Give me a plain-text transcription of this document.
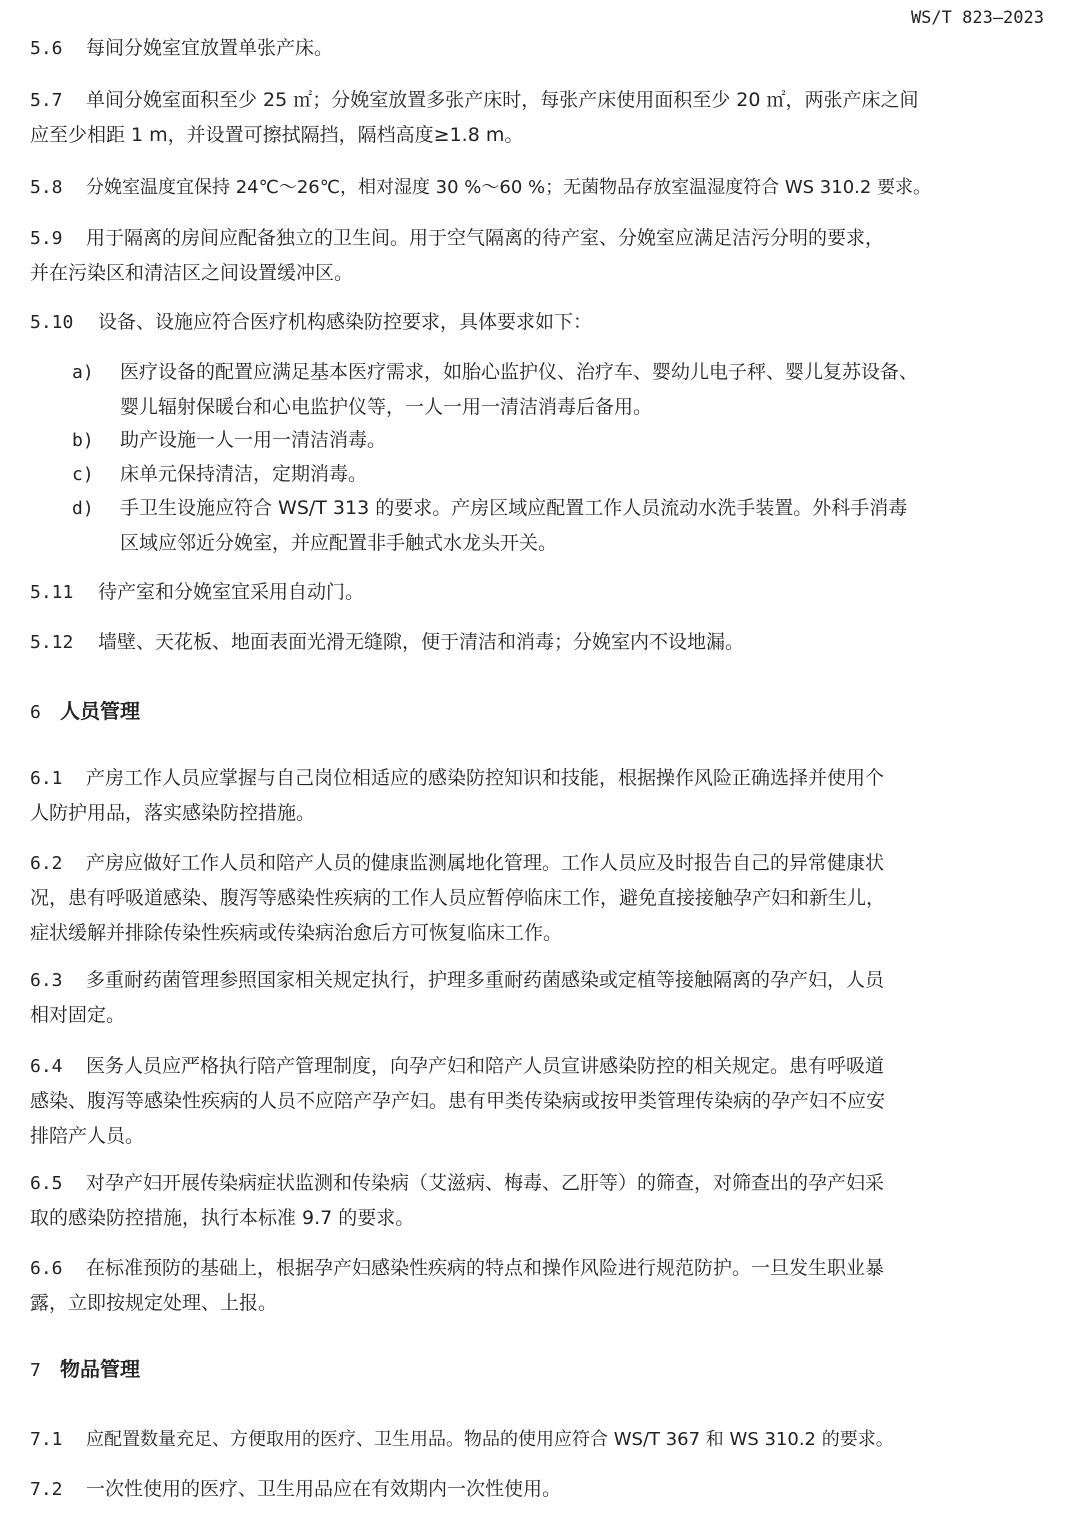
WS/T 823—2023
5.6 每间分娩室宜放置单张产床。
5.7 单间分娩室面积至少 25 ㎡；分娩室放置多张产床时，每张产床使用面积至少 20 ㎡，两张产床之间
应至少相距 1 m，并设置可擦拭隔挡，隔档高度≥1.8 m。
5.8 分娩室温度宜保持 24℃～26℃，相对湿度 30 %～60 %；无菌物品存放室温湿度符合 WS 310.2 要求。
5.9 用于隔离的房间应配备独立的卫生间。用于空气隔离的待产室、分娩室应满足洁污分明的要求，
并在污染区和清洁区之间设置缓冲区。
5.10 设备、设施应符合医疗机构感染防控要求，具体要求如下：
a)	医疗设备的配置应满足基本医疗需求，如胎心监护仪、治疗车、婴幼儿电子秤、婴儿复苏设备、
婴儿辐射保暖台和心电监护仪等，一人一用一清洁消毒后备用。
b)	助产设施一人一用一清洁消毒。
c)	床单元保持清洁，定期消毒。
d)	手卫生设施应符合 WS/T 313 的要求。产房区域应配置工作人员流动水洗手装置。外科手消毒
区域应邻近分娩室，并应配置非手触式水龙头开关。
5.11 待产室和分娩室宜采用自动门。
5.12 墙壁、天花板、地面表面光滑无缝隙，便于清洁和消毒；分娩室内不设地漏。
6 人员管理
6.1 产房工作人员应掌握与自己岗位相适应的感染防控知识和技能，根据操作风险正确选择并使用个
人防护用品，落实感染防控措施。
6.2 产房应做好工作人员和陪产人员的健康监测属地化管理。工作人员应及时报告自己的异常健康状
况，患有呼吸道感染、腹泻等感染性疾病的工作人员应暂停临床工作，避免直接接触孕产妇和新生儿，
症状缓解并排除传染性疾病或传染病治愈后方可恢复临床工作。
6.3 多重耐药菌管理参照国家相关规定执行，护理多重耐药菌感染或定植等接触隔离的孕产妇，人员
相对固定。
6.4 医务人员应严格执行陪产管理制度，向孕产妇和陪产人员宣讲感染防控的相关规定。患有呼吸道
感染、腹泻等感染性疾病的人员不应陪产孕产妇。患有甲类传染病或按甲类管理传染病的孕产妇不应安
排陪产人员。
6.5 对孕产妇开展传染病症状监测和传染病（艾滋病、梅毒、乙肝等）的筛查，对筛查出的孕产妇采
取的感染防控措施，执行本标准 9.7 的要求。
6.6 在标准预防的基础上，根据孕产妇感染性疾病的特点和操作风险进行规范防护。一旦发生职业暴
露，立即按规定处理、上报。
7 物品管理
7.1 应配置数量充足、方便取用的医疗、卫生用品。物品的使用应符合 WS/T 367 和 WS 310.2 的要求。
7.2 一次性使用的医疗、卫生用品应在有效期内一次性使用。
